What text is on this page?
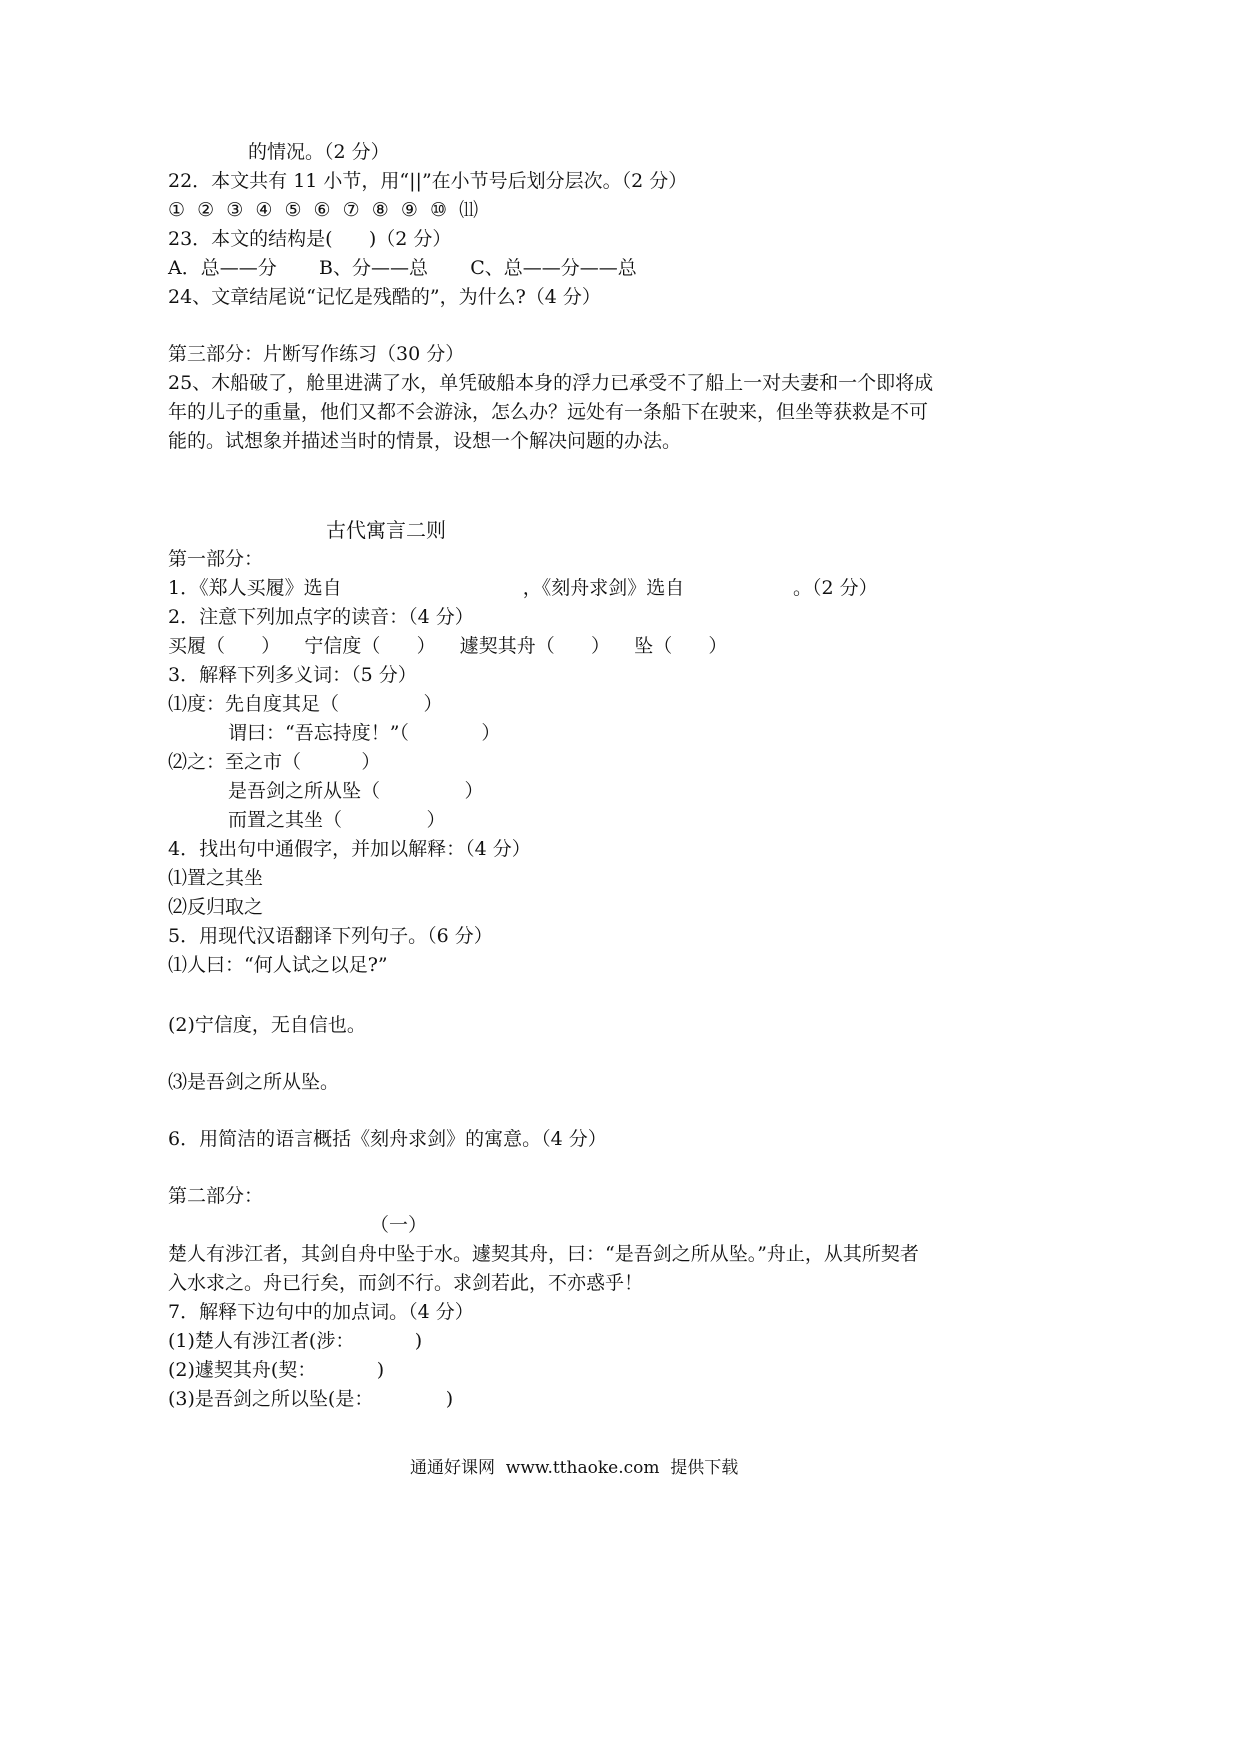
的情况。（2 分）
22．本文共有 11 小节，用“||”在小节号后划分层次。（2 分）
①  ②  ③  ④  ⑤  ⑥  ⑦  ⑧  ⑨  ⑩  ⑾
23．本文的结构是(      )（2 分）
A．总——分       B、分——总       C、总——分——总
24、文章结尾说“记忆是残酷的”，为什么?（4 分）
第三部分：片断写作练习（30 分）
25、木船破了，舱里进满了水，单凭破船本身的浮力已承受不了船上一对夫妻和一个即将成
年的儿子的重量，他们又都不会游泳，怎么办？远处有一条船下在驶来，但坐等获救是不可
能的。试想象并描述当时的情景，设想一个解决问题的办法。
古代寓言二则
第一部分：
1．《郑人买履》选自                              ，《刻舟求剑》选自                  。（2 分）
2．注意下列加点字的读音：（4 分）
买履（      ）    宁信度（      ）    遽契其舟（      ）    坠（      ）
3．解释下列多义词：（5 分）
⑴度：先自度其足（              ）
谓曰：“吾忘持度！”（            ）
⑵之：至之市（          ）
是吾剑之所从坠（              ）
而置之其坐（              ）
4．找出句中通假字，并加以解释：（4 分）
⑴置之其坐
⑵反归取之
5．用现代汉语翻译下列句子。（6 分）
⑴人曰：“何人试之以足?”
(2)宁信度，无自信也。
⑶是吾剑之所从坠。
6．用简洁的语言概括《刻舟求剑》的寓意。（4 分）
第二部分：
（一）
楚人有涉江者，其剑自舟中坠于水。遽契其舟，曰：“是吾剑之所从坠。”舟止，从其所契者
入水求之。舟已行矣，而剑不行。求剑若此，不亦惑乎！
7．解释下边句中的加点词。（4 分）
(1)楚人有涉江者(涉：          )
(2)遽契其舟(契：          )
(3)是吾剑之所以坠(是：            )
通通好课网  www.tthaoke.com  提供下载
